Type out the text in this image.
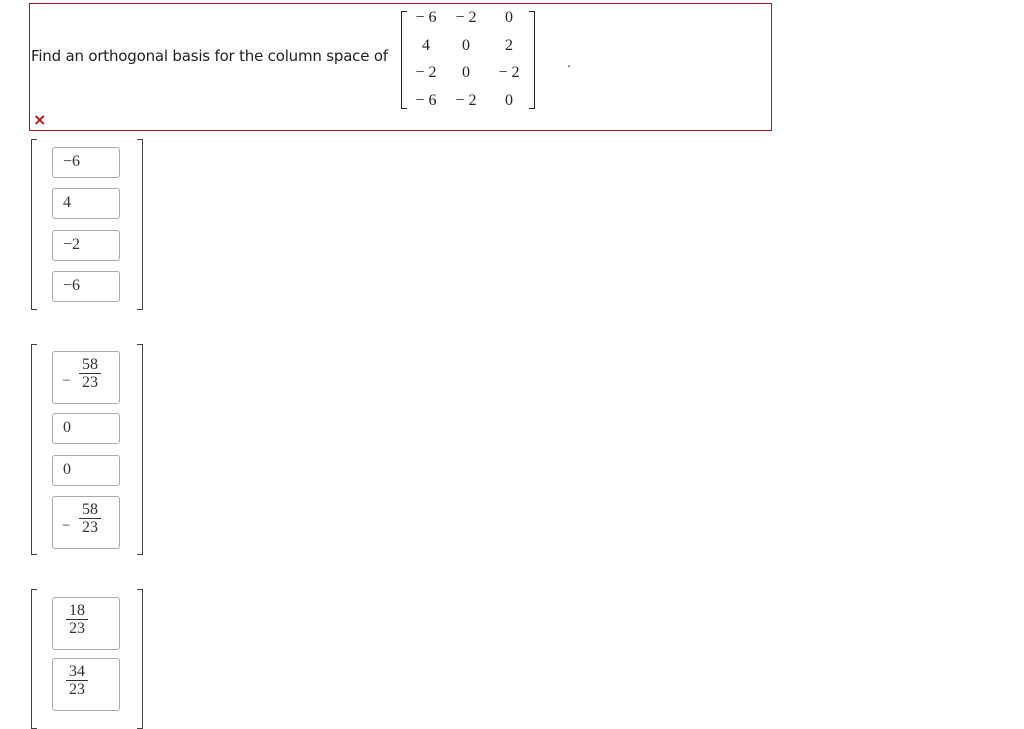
Find an orthogonal basis for the column space of
− 6	− 2	0
4	0	2
− 2	0	− 2
− 6	− 2	0
.
×
−6
4
−2
−6
− $\frac{58}{23}$
0
0
− $\frac{58}{23}$
$\frac{18}{23}$
$\frac{34}{23}$
